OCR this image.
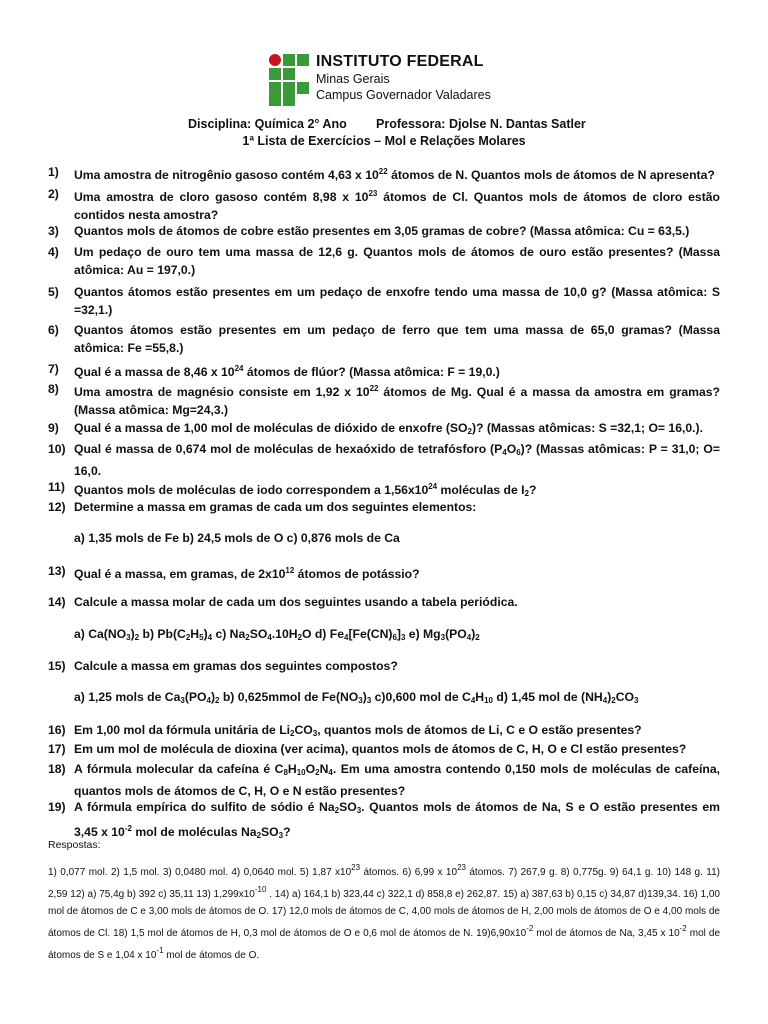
INSTITUTO FEDERAL
Minas Gerais
Campus Governador Valadares
Disciplina: Química 2° Ano Professora: Djolse N. Dantas Satler
1ª Lista de Exercícios – Mol e Relações Molares
1) Uma amostra de nitrogênio gasoso contém 4,63 x $10^{22}$ átomos de N. Quantos mols de átomos de N apresenta?
2) Uma amostra de cloro gasoso contém 8,98 x $10^{23}$ átomos de Cl. Quantos mols de átomos de cloro estão contidos nesta amostra?
3) Quantos mols de átomos de cobre estão presentes em 3,05 gramas de cobre? (Massa atômica: Cu = 63,5.)
4) Um pedaço de ouro tem uma massa de 12,6 g. Quantos mols de átomos de ouro estão presentes? (Massa atômica: Au = 197,0.)
5) Quantos átomos estão presentes em um pedaço de enxofre tendo uma massa de 10,0 g? (Massa atômica: S =32,1.)
6) Quantos átomos estão presentes em um pedaço de ferro que tem uma massa de 65,0 gramas? (Massa atômica: Fe =55,8.)
7) Qual é a massa de 8,46 x $10^{24}$ átomos de flúor? (Massa atômica: F = 19,0.)
8) Uma amostra de magnésio consiste em 1,92 x $10^{22}$ átomos de Mg. Qual é a massa da amostra em gramas? (Massa atômica: Mg=24,3.)
9) Qual é a massa de 1,00 mol de moléculas de dióxido de enxofre $(SO_2)$? (Massas atômicas: S =32,1; O= 16,0.).
10) Qual é massa de 0,674 mol de moléculas de hexaóxido de tetrafósforo $(P_4O_6)$? (Massas atômicas: P = 31,0; O= 16,0.
11) Quantos mols de moléculas de iodo correspondem a $1,56x10^{24}$ moléculas de $I_2$?
12) Determine a massa em gramas de cada um dos seguintes elementos:
a) 1,35 mols de Fe b) 24,5 mols de O c) 0,876 mols de Ca
13) Qual é a massa, em gramas, de $2x10^{12}$ átomos de potássio?
14) Calcule a massa molar de cada um dos seguintes usando a tabela periódica.
a) $Ca(NO_3)_2$ b) $Pb(C_2H_5)_4$ c) $Na_2SO_4.10H_2O$ d) $Fe_4[Fe(CN)_6]_3$ e) $Mg_3(PO_4)_2$
15) Calcule a massa em gramas dos seguintes compostos?
a) 1,25 mols de $Ca_3(PO_4)_2$ b) 0,625mmol de $Fe(NO_3)_3$ c)0,600 mol de $C_4H_{10}$ d) 1,45 mol de $(NH_4)_2CO_3$
16) Em 1,00 mol da fórmula unitária de $Li_2CO_3$, quantos mols de átomos de Li, C e O estão presentes?
17) Em um mol de molécula de dioxina (ver acima), quantos mols de átomos de C, H, O e Cl estão presentes?
18) A fórmula molecular da cafeína é $C_8H_{10}O_2N_4$. Em uma amostra contendo 0,150 mols de moléculas de cafeína, quantos mols de átomos de C, H, O e N estão presentes?
19) A fórmula empírica do sulfito de sódio é $Na_2SO_3$. Quantos mols de átomos de Na, S e O estão presentes em 3,45 x $10^{-2}$ mol de moléculas $Na_2SO_3$?
Respostas:
1) 0,077 mol. 2) 1,5 mol. 3) 0,0480 mol. 4) 0,0640 mol. 5) 1,87 $x10^{23}$ átomos. 6) 6,99 x $10^{23}$ átomos. 7) 267,9 g. 8) 0,775g. 9) 64,1 g. 10) 148 g. 11) 2,59 12) a) 75,4g b) 392 c) 35,11 13) $1,299x10^{-10}$ . 14) a) 164,1 b) 323,44 c) 322,1 d) 858,8 e) 262,87. 15) a) 387,63 b) 0,15 c) 34,87 d)139,34. 16) 1,00 mol de átomos de C e 3,00 mols de átomos de O. 17) 12,0 mols de átomos de C, 4,00 mols de átomos de H, 2,00 mols de átomos de O e 4,00 mols de átomos de Cl. 18) 1,5 mol de átomos de H, 0,3 mol de átomos de O e 0,6 mol de átomos de N. $19)6,90x10^{-2}$ mol de átomos de Na, 3,45 x $10^{-2}$ mol de átomos de S e 1,04 x $10^{-1}$ mol de átomos de O.
